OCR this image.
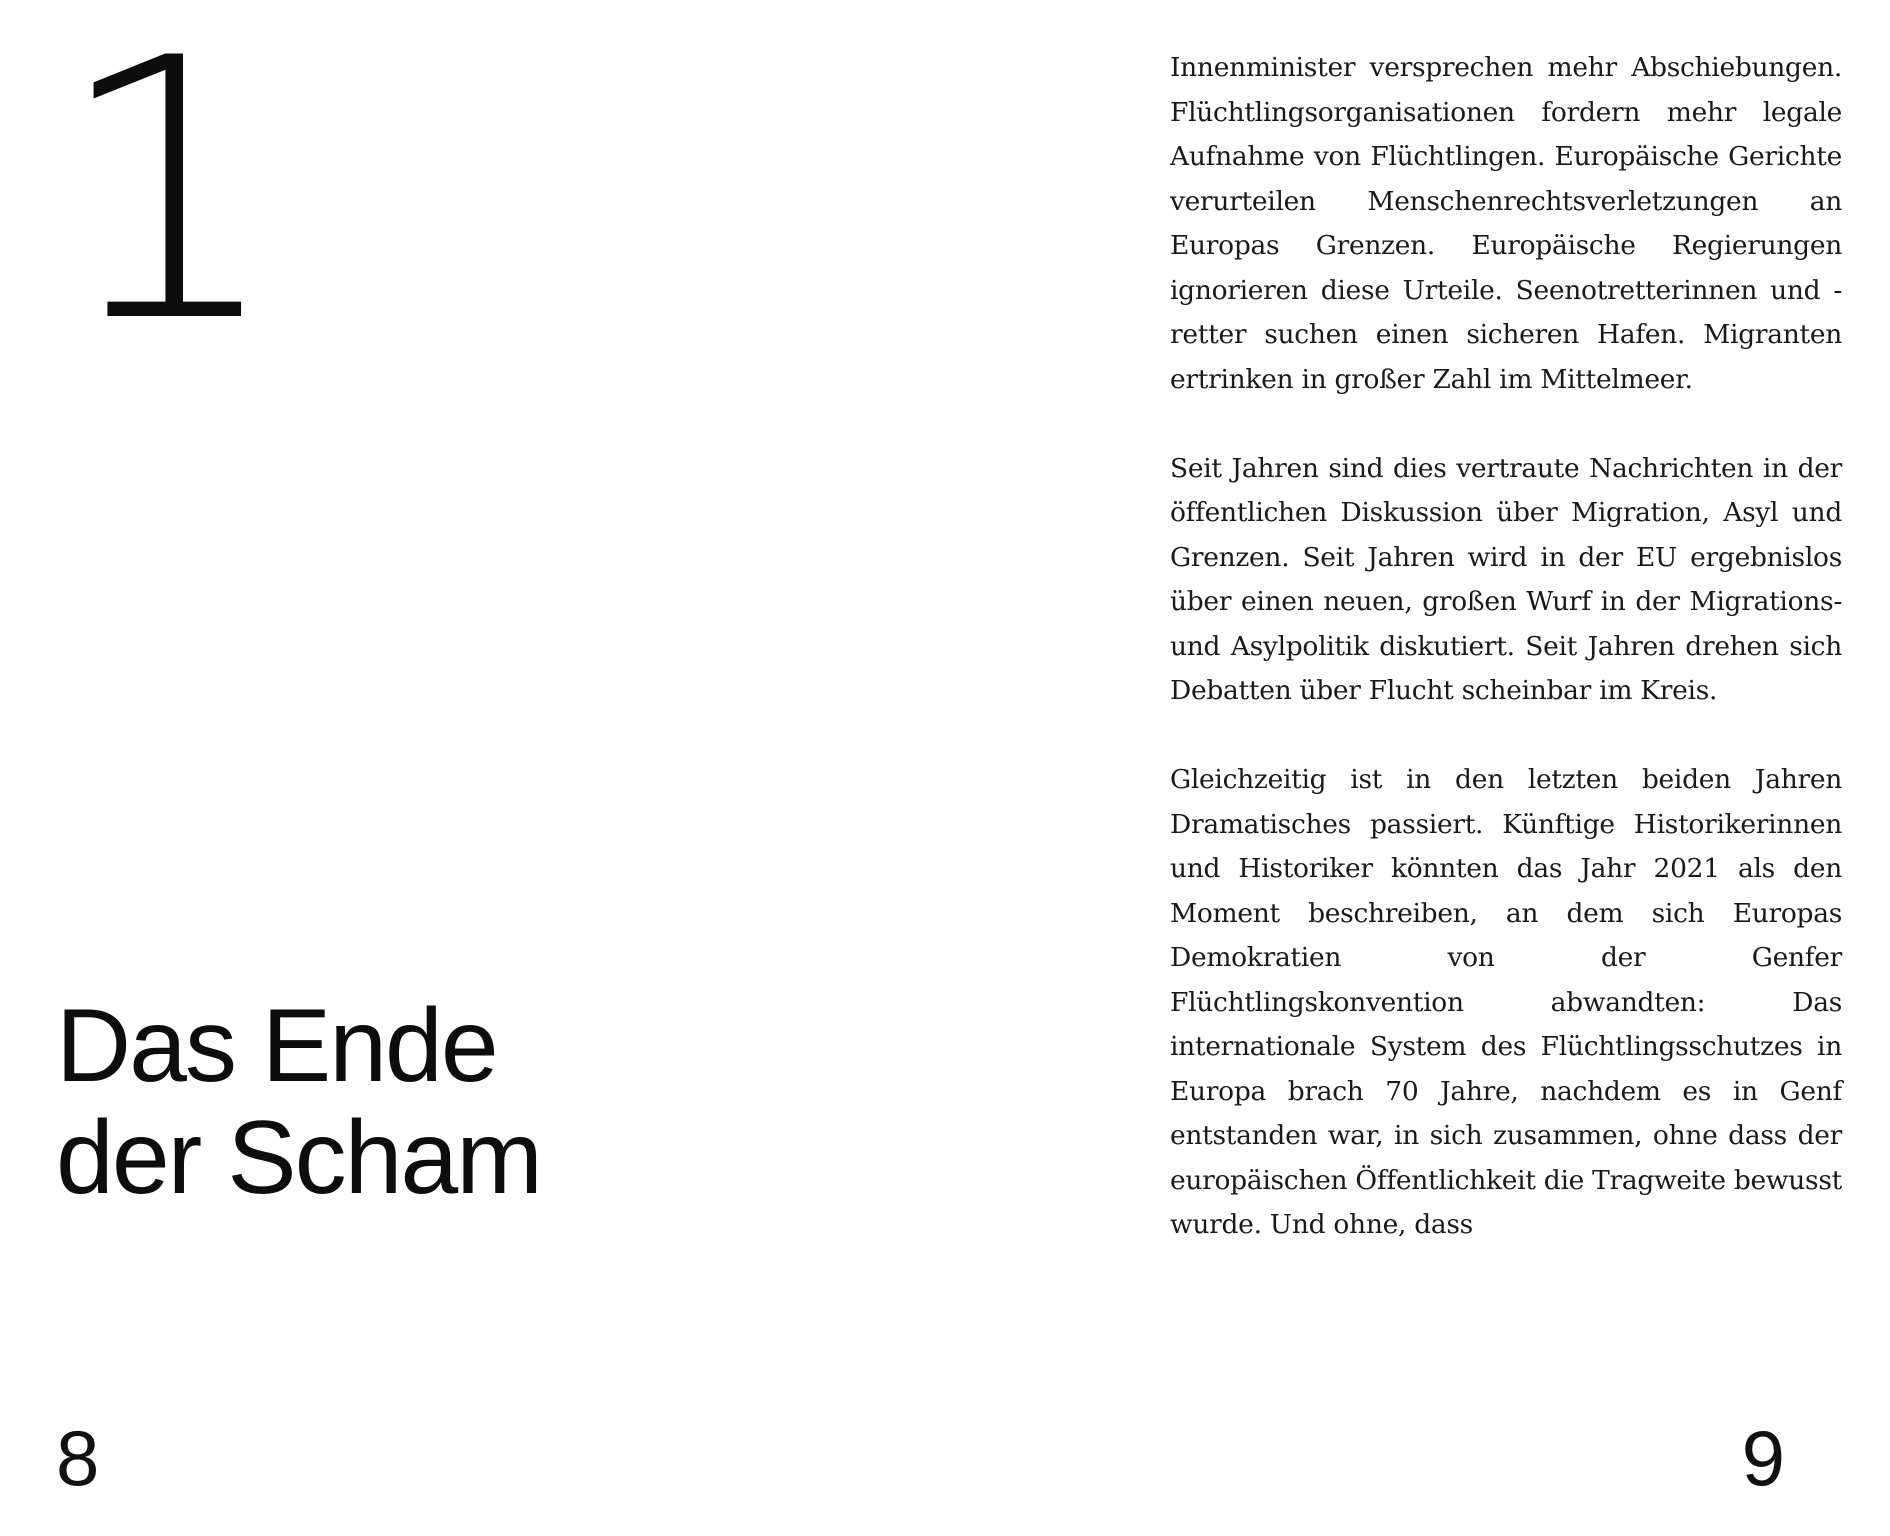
1
Das Ende
der Scham
8

Innenminister versprechen mehr Abschiebungen. Flüchtlingsorganisationen fordern mehr legale Aufnahme von Flüchtlingen. Europäische Gerichte verurteilen Menschenrechtsverletzungen an Europas Grenzen. Europäische Regierungen ignorieren diese Urteile. Seenotretterinnen und -retter suchen einen sicheren Hafen. Migranten ertrinken in großer Zahl im Mittelmeer.

Seit Jahren sind dies vertraute Nachrichten in der öffentlichen Diskussion über Migration, Asyl und Grenzen. Seit Jahren wird in der EU ergebnislos über einen neuen, großen Wurf in der Migrations- und Asylpolitik diskutiert. Seit Jahren drehen sich Debatten über Flucht scheinbar im Kreis.

Gleichzeitig ist in den letzten beiden Jahren Dramatisches passiert. Künftige Historikerinnen und Historiker könnten das Jahr 2021 als den Moment beschreiben, an dem sich Europas Demokratien von der Genfer Flüchtlingskonvention abwandten: Das internationale System des Flüchtlingsschutzes in Europa brach 70 Jahre, nachdem es in Genf entstanden war, in sich zusammen, ohne dass der europäischen Öffentlichkeit die Tragweite bewusst wurde. Und ohne, dass

9
